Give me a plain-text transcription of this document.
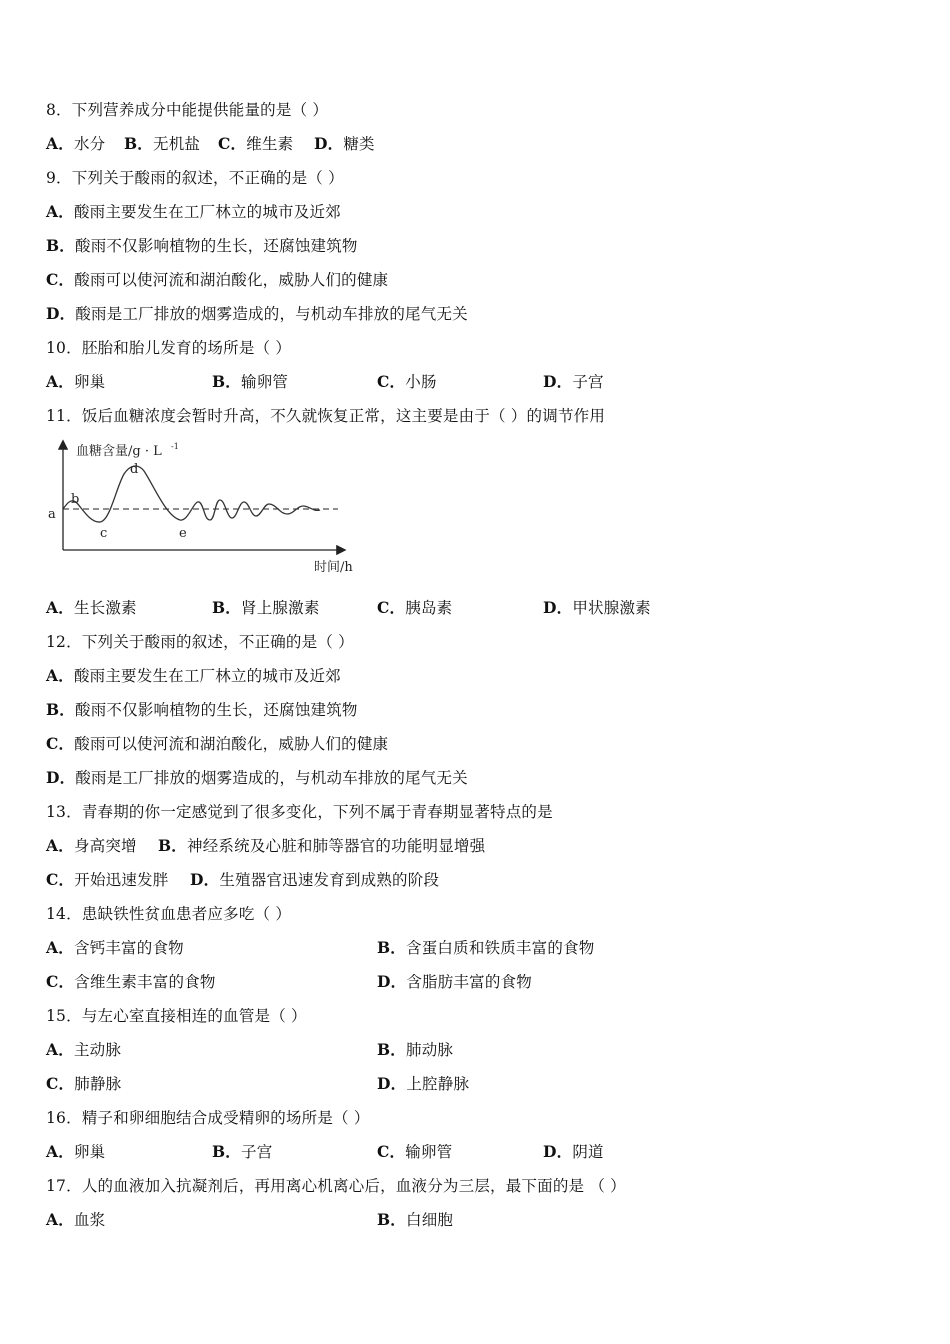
8．下列营养成分中能提供能量的是（ ）
A．水分 B．无机盐 C．维生素 D．糖类
9．下列关于酸雨的叙述，不正确的是（ ）
A．酸雨主要发生在工厂林立的城市及近郊
B．酸雨不仅影响植物的生长，还腐蚀建筑物
C．酸雨可以使河流和湖泊酸化，威胁人们的健康
D．酸雨是工厂排放的烟雾造成的，与机动车排放的尾气无关
10．胚胎和胎儿发育的场所是（ ）
A．卵巢	B．输卵管	C．小肠	D．子宫
11．饭后血糖浓度会暂时升高，不久就恢复正常，这主要是由于（ ）的调节作用
血糖含量/g · L -1
时间/h
a
b
c
d
e
A．生长激素	B．肾上腺激素	C．胰岛素	D．甲状腺激素
12．下列关于酸雨的叙述，不正确的是（ ）
A．酸雨主要发生在工厂林立的城市及近郊
B．酸雨不仅影响植物的生长，还腐蚀建筑物
C．酸雨可以使河流和湖泊酸化，威胁人们的健康
D．酸雨是工厂排放的烟雾造成的，与机动车排放的尾气无关
13．青春期的你一定感觉到了很多变化，下列不属于青春期显著特点的是
A．身高突增 B．神经系统及心脏和肺等器官的功能明显增强
C．开始迅速发胖 D．生殖器官迅速发育到成熟的阶段
14．患缺铁性贫血患者应多吃（ ）
A．含钙丰富的食物	B．含蛋白质和铁质丰富的食物
C．含维生素丰富的食物	D．含脂肪丰富的食物
15．与左心室直接相连的血管是（ ）
A．主动脉	B．肺动脉
C．肺静脉	D．上腔静脉
16．精子和卵细胞结合成受精卵的场所是（ ）
A．卵巢	B．子宫	C．输卵管	D．阴道
17．人的血液加入抗凝剂后，再用离心机离心后，血液分为三层，最下面的是 （ ）
A．血浆	B．白细胞
